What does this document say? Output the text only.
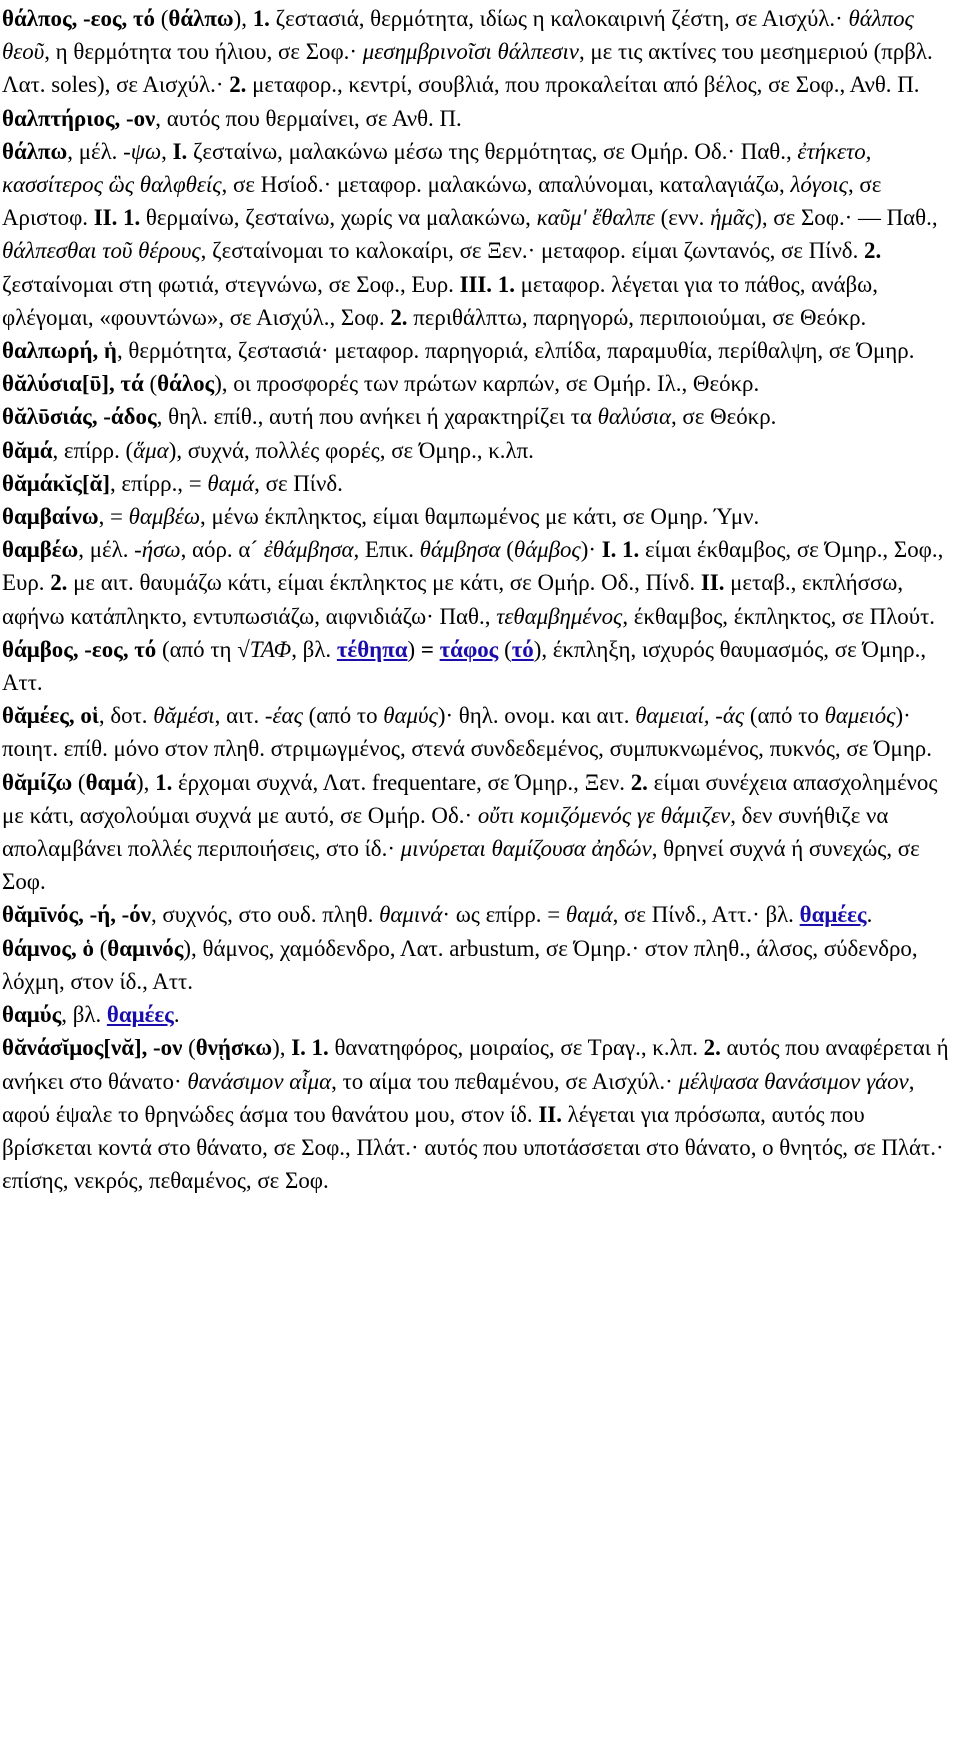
θάλπος, -εος, τό (θάλπω), 1. ζεστασιά, θερμότητα, ιδίως η καλοκαιρινή ζέστη, σε Αισχύλ.· θάλπος θεοῦ, η θερμότητα του ήλιου, σε Σοφ.· μεσημβρινοῖσι θάλπεσιν, με τις ακτίνες του μεσημεριού (πρβλ. Λατ. soles), σε Αισχύλ.· 2. μεταφορ., κεντρί, σουβλιά, που προκαλείται από βέλος, σε Σοφ., Ανθ. Π.

θαλπτήριος, -ον, αυτός που θερμαίνει, σε Ανθ. Π.

θάλπω, μέλ. -ψω, I. ζεσταίνω, μαλακώνω μέσω της θερμότητας, σε Ομήρ. Οδ.· Παθ., ἐτήκετο, κασσίτερος ὣς θαλφθείς, σε Ησίοδ.· μεταφορ. μαλακώνω, απαλύνομαι, καταλαγιάζω, λόγοις, σε Αριστοφ. II. 1. θερμαίνω, ζεσταίνω, χωρίς να μαλακώνω, καῦμ' ἔθαλπε (ενν. ἡμᾶς), σε Σοφ.· — Παθ., θάλπεσθαι τοῦ θέρους, ζεσταίνομαι το καλοκαίρι, σε Ξεν.· μεταφορ. είμαι ζωντανός, σε Πίνδ. 2. ζεσταίνομαι στη φωτιά, στεγνώνω, σε Σοφ., Ευρ. III. 1. μεταφορ. λέγεται για το πάθος, ανάβω, φλέγομαι, «φουντώνω», σε Αισχύλ., Σοφ. 2. περιθάλπτω, παρηγορώ, περιποιούμαι, σε Θεόκρ.

θαλπωρή, ἡ, θερμότητα, ζεστασιά· μεταφορ. παρηγοριά, ελπίδα, παραμυθία, περίθαλψη, σε Όμηρ.

θᾰλύσια[ῡ], τά (θάλος), οι προσφορές των πρώτων καρπών, σε Ομήρ. Ιλ., Θεόκρ.

θᾰλῡσιάς, -άδος, θηλ. επίθ., αυτή που ανήκει ή χαρακτηρίζει τα θαλύσια, σε Θεόκρ.

θᾰμά, επίρρ. (ἅμα), συχνά, πολλές φορές, σε Όμηρ., κ.λπ.

θᾰμάκῐς[ᾰ], επίρρ., = θαμά, σε Πίνδ.

θαμβαίνω, = θαμβέω, μένω έκπληκτος, είμαι θαμπωμένος με κάτι, σε Ομηρ. Ύμν.

θαμβέω, μέλ. -ήσω, αόρ. α´ ἐθάμβησα, Επικ. θάμβησα (θάμβος)· I. 1. είμαι έκθαμβος, σε Όμηρ., Σοφ., Ευρ. 2. με αιτ. θαυμάζω κάτι, είμαι έκπληκτος με κάτι, σε Ομήρ. Οδ., Πίνδ. II. μεταβ., εκπλήσσω, αφήνω κατάπληκτο, εντυπωσιάζω, αιφνιδιάζω· Παθ., τεθαμβημένος, έκθαμβος, έκπληκτος, σε Πλούτ.

θάμβος, -εος, τό (από τη √ΤΑΦ, βλ. τέθηπα) = τάφος (τό), έκπληξη, ισχυρός θαυμασμός, σε Όμηρ., Αττ.

θᾰμέες, οἱ, δοτ. θᾰμέσι, αιτ. -έας (από το θαμύς)· θηλ. ονομ. και αιτ. θαμειαί, -άς (από το θαμειός)· ποιητ. επίθ. μόνο στον πληθ. στριμωγμένος, στενά συνδεδεμένος, συμπυκνωμένος, πυκνός, σε Όμηρ.

θᾰμίζω (θαμά), 1. έρχομαι συχνά, Λατ. frequentare, σε Όμηρ., Ξεν. 2. είμαι συνέχεια απασχολημένος με κάτι, ασχολούμαι συχνά με αυτό, σε Ομήρ. Οδ.· οὔτι κομιζόμενός γε θάμιζεν, δεν συνήθιζε να απολαμβάνει πολλές περιποιήσεις, στο ίδ.· μινύρεται θαμίζουσα ἀηδών, θρηνεί συχνά ή συνεχώς, σε Σοφ.

θᾰμῑνός, -ή, -όν, συχνός, στο ουδ. πληθ. θαμινά· ως επίρρ. = θαμά, σε Πίνδ., Αττ.· βλ. θαμέες.

θάμνος, ὁ (θαμινός), θάμνος, χαμόδενδρο, Λατ. arbustum, σε Όμηρ.· στον πληθ., άλσος, σύδενδρο, λόχμη, στον ίδ., Αττ.

θαμύς, βλ. θαμέες.

θᾰνάσῐμος[νᾰ], -ον (θνῄσκω), I. 1. θανατηφόρος, μοιραίος, σε Τραγ., κ.λπ. 2. αυτός που αναφέρεται ή ανήκει στο θάνατο· θανάσιμον αἷμα, το αίμα του πεθαμένου, σε Αισχύλ.· μέλψασα θανάσιμον γάον, αφού έψαλε το θρηνώδες άσμα του θανάτου μου, στον ίδ. II. λέγεται για πρόσωπα, αυτός που βρίσκεται κοντά στο θάνατο, σε Σοφ., Πλάτ.· αυτός που υποτάσσεται στο θάνατο, ο θνητός, σε Πλάτ.· επίσης, νεκρός, πεθαμένος, σε Σοφ.
